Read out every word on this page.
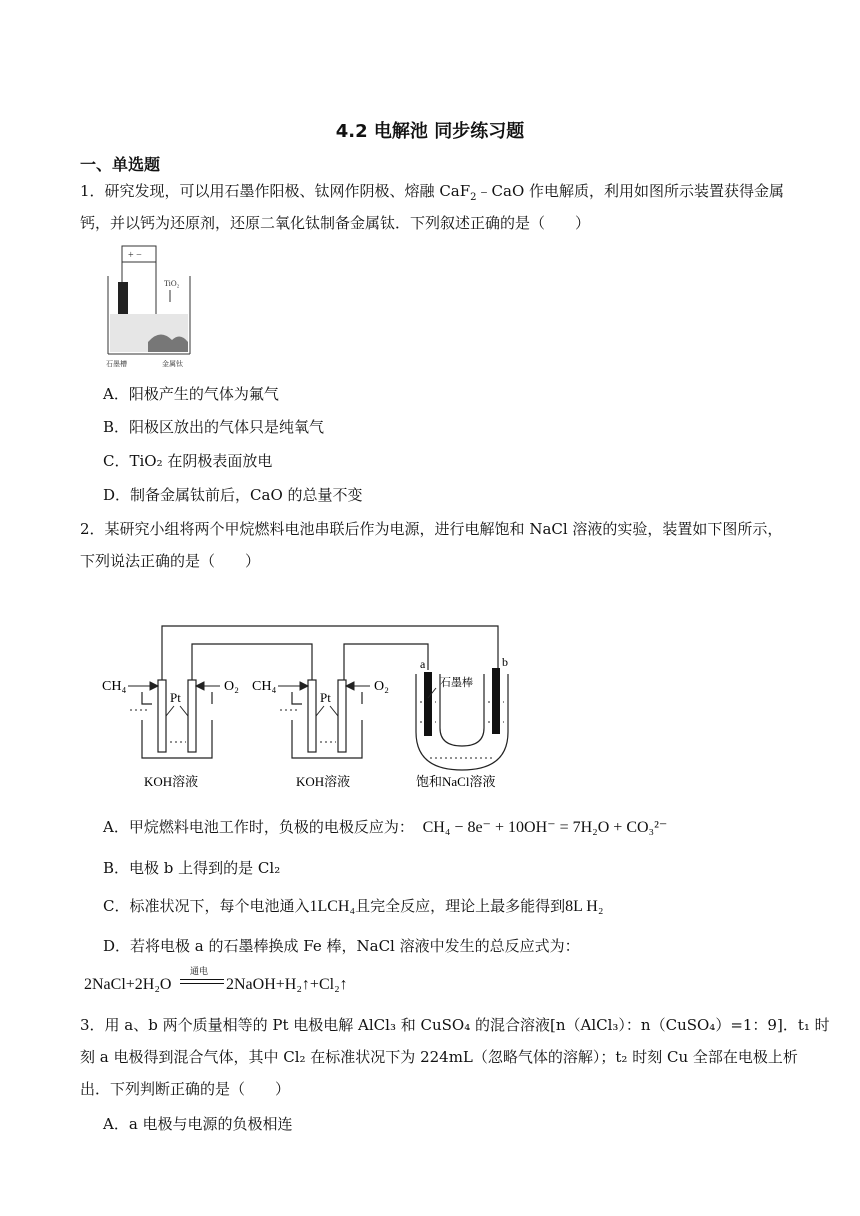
4.2 电解池 同步练习题
一、单选题
1．研究发现，可以用石墨作阳极、钛网作阴极、熔融 CaF$_2$﹣CaO 作电解质，利用如图所示装置获得金属
钙，并以钙为还原剂，还原二氧化钛制备金属钛．下列叙述正确的是（　　）
+ −
TiO₂
石墨槽	金属钛
A．阳极产生的气体为氟气
B．阳极区放出的气体只是纯氧气
C．TiO₂ 在阴极表面放电
D．制备金属钛前后，CaO 的总量不变
2．某研究小组将两个甲烷燃料电池串联后作为电源，进行电解饱和 NaCl 溶液的实验，装置如下图所示，
下列说法正确的是（　　）
CH₄	O₂ CH₄	O₂
Pt	Pt
KOH溶液	KOH溶液
a	b
石墨棒
饱和NaCl溶液
A．甲烷燃料电池工作时，负极的电极反应为： CH₄ − 8e⁻ + 10OH⁻ = 7H₂O + CO₃²⁻
B．电极 b 上得到的是 Cl₂
C．标准状况下，每个电池通入1LCH₄且完全反应，理论上最多能得到8L H₂
D．若将电极 a 的石墨棒换成 Fe 棒，NaCl 溶液中发生的总反应式为：
2NaCl+2H₂O
通电
2NaOH+H₂↑+Cl₂↑
3．用 a、b 两个质量相等的 Pt 电极电解 AlCl₃ 和 CuSO₄ 的混合溶液[n（AlCl₃）：n（CuSO₄）=1：9]．t₁ 时
刻 a 电极得到混合气体，其中 Cl₂ 在标准状况下为 224mL（忽略气体的溶解）；t₂ 时刻 Cu 全部在电极上析
出．下列判断正确的是（　　）
A．a 电极与电源的负极相连
